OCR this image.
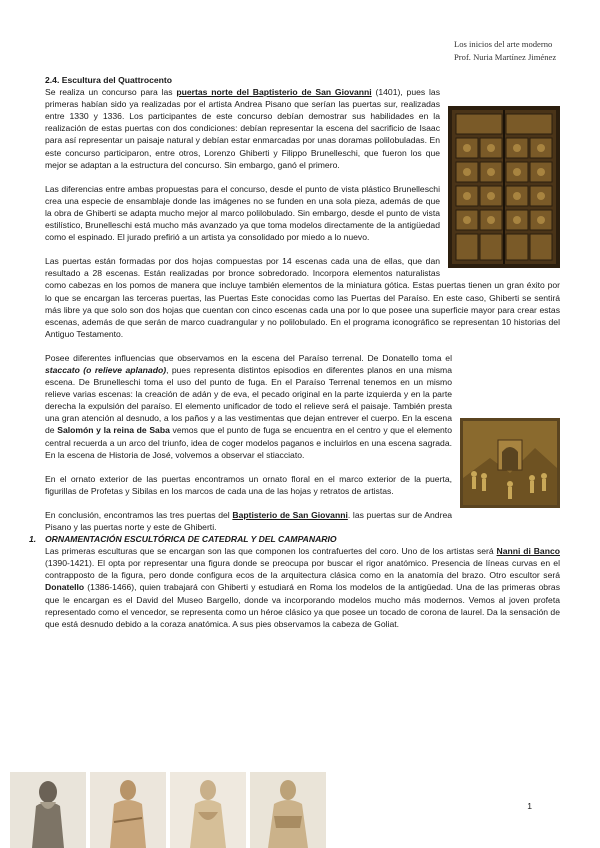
Los inicios del arte moderno
Prof. Nuria Martínez Jiménez
2.4. Escultura del Quattrocento

Se realiza un concurso para las puertas norte del Baptisterio de San Giovanni (1401), pues las primeras habían sido ya realizadas por el artista Andrea Pisano que serían las puertas sur, realizadas entre 1330 y 1336. Los participantes de este concurso debían demostrar sus habilidades en la realización de estas puertas con dos condiciones: debían representar la escena del sacrificio de Isaac para así representar un paisaje natural y debían estar enmarcadas por unas doramas polilobuladas. En este concurso participaron, entre otros, Lorenzo Ghiberti y Filippo Brunelleschi, que fueron los que mejor se adaptan a la estructura del concurso. Sin embargo, ganó el primero.

Las diferencias entre ambas propuestas para el concurso, desde el punto de vista plástico Brunelleschi crea una especie de ensamblaje donde las imágenes no se funden en una sola pieza, además de que la obra de Ghiberti se adapta mucho mejor al marco polilobulado. Sin embargo, desde el punto de vista estilístico, Brunelleschi está mucho más avanzado ya que toma modelos directamente de la antigüedad como el espinado. El jurado prefirió a un artista ya consolidado por miedo a lo nuevo.

Las puertas están formadas por dos hojas compuestas por 14 escenas cada una de ellas, que dan resultado a 28 escenas. Están realizadas por bronce sobredorado. Incorpora elementos naturalistas como cabezas en los pomos de manera que incluye también elementos de la miniatura gótica. Estas puertas tienen un gran éxito por lo que se encargan las terceras puertas, las Puertas Este conocidas como las Puertas del Paraíso. En este caso, Ghiberti se sentirá más libre ya que solo son dos hojas que cuentan con cinco escenas cada una por lo que posee una superficie mayor para crear estas escenas, además de que serán de marco cuadrangular y no polilobulado. En el programa iconográfico se representan 10 historias del Antiguo Testamento.

Posee diferentes influencias que observamos en la escena del Paraíso terrenal. De Donatello toma el staccato (o relieve aplanado), pues representa distintos episodios en diferentes planos en una misma escena. De Brunelleschi toma el uso del punto de fuga. En el Paraíso Terrenal tenemos en un mismo relieve varias escenas: la creación de adán y de eva, el pecado original en la parte izquierda y en la parte derecha la expulsión del paraíso. El elemento unificador de todo el relieve será el paisaje. También presta una gran atención al desnudo, a los paños y a las vestimentas que dejan entrever el cuerpo. En la escena de Salomón y la reina de Saba vemos que el punto de fuga se encuentra en el centro y que el elemento central recuerda a un arco del triunfo, idea de coger modelos paganos e incluirlos en una escena sagrada. En la escena de Historia de José, volvemos a observar el stiacciato.

En el ornato exterior de las puertas encontramos un ornato floral en el marco exterior de la puerta, figurillas de Profetas y Sibilas en los marcos de cada una de las hojas y retratos de artistas.

En conclusión, encontramos las tres puertas del Baptisterio de San Giovanni. las puertas sur de Andrea Pisano y las puertas norte y este de Ghiberti.

1. ORNAMENTACIÓN ESCULTÓRICA DE CATEDRAL Y DEL CAMPANARIO

Las primeras esculturas que se encargan son las que componen los contrafuertes del coro. Uno de los artistas será Nanni di Banco (1390-1421). El opta por representar una figura donde se preocupa por buscar el rigor anatómico. Presencia de líneas curvas en el contrapposto de la figura, pero donde configura ecos de la arquitectura clásica como en la anatomía del brazo. Otro escultor será Donatello (1386-1466), quien trabajará con Ghiberti y estudiará en Roma los modelos de la antigüedad. Una de las primeras obras que le encargan es el David del Museo Bargello, donde va incorporando modelos mucho más modernos. Vemos al joven profeta representado como el vencedor, se representa como un héroe clásico ya que posee un tocado de corona de laurel. Da la sensación de que está desnudo debido a la coraza anatómica. A sus pies observamos la cabeza de Goliat.

1
